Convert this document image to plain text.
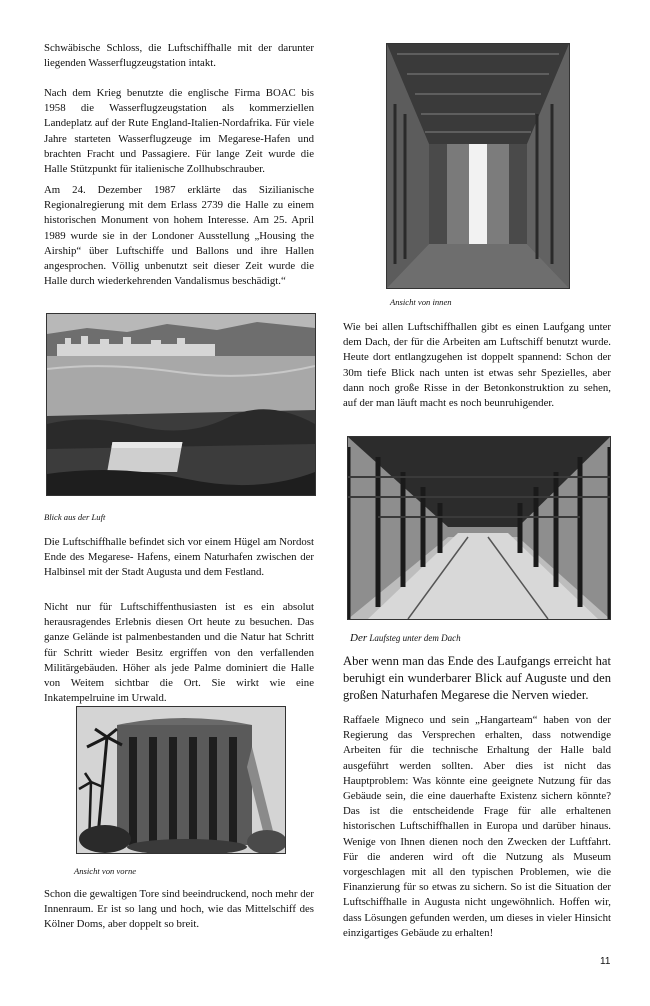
Schwäbische Schloss, die Luftschiffhalle mit der darunter liegenden Wasserflugzeugstation intakt.

Nach dem Krieg benutzte die englische Firma BOAC bis 1958 die Wasserflugzeugstation als kommerziellen Landeplatz auf der Rute England-Italien-Nordafrika. Für viele Jahre starteten Wasserflugzeuge im Megarese-Hafen und brachten Fracht und Passagiere. Für lange Zeit wurde die Halle Stützpunkt für italienische Zollhubschrauber.

Am 24. Dezember 1987 erklärte das Sizilianische Regionalregierung mit dem Erlass 2739 die Halle zu einem historischen Monument von hohem Interesse. Am 25. April 1989 wurde sie in der Londoner Ausstellung „Housing the Airship“ über Luftschiffe und Ballons und ihre Hallen angesprochen. Völlig unbenutzt seit dieser Zeit wurde die Halle durch wiederkehrenden Vandalismus beschädigt.“

Blick aus der Luft

Die Luftschiffhalle befindet sich vor einem Hügel am Nordost Ende des Megarese- Hafens, einem Naturhafen zwischen der Halbinsel mit der Stadt Augusta und dem Festland.

Nicht nur für Luftschiffenthusiasten ist es ein absolut herausragendes Erlebnis diesen Ort heute zu besuchen. Das ganze Gelände ist palmenbestanden und die Natur hat Schritt für Schritt wieder Besitz ergriffen von den verfallenden Militärgebäuden. Höher als jede Palme dominiert die Halle von Weitem sichtbar die Ort. Sie wirkt wie eine Inkatempelruine im Urwald.

Ansicht von vorne

Schon die gewaltigen Tore sind beeindruckend, noch mehr der Innenraum. Er ist so lang und hoch, wie das Mittelschiff des Kölner Doms, aber doppelt so breit.

Ansicht von innen

Wie bei allen Luftschiffhallen gibt es einen Laufgang unter dem Dach, der für die Arbeiten am Luftschiff benutzt wurde. Heute dort entlangzugehen ist doppelt spannend: Schon der 30m tiefe Blick nach unten ist etwas sehr Spezielles, aber dann noch große Risse in der Betonkonstruktion zu sehen, auf der man läuft macht es noch beunruhigender.

Der Laufsteg unter dem Dach

Aber wenn man das Ende des Laufgangs erreicht hat beruhigt ein wunderbarer Blick auf Auguste und den großen Naturhafen Megarese die Nerven wieder.

Raffaele Migneco und sein „Hangarteam“ haben von der Regierung das Versprechen erhalten, dass notwendige Arbeiten für die technische Erhaltung der Halle bald ausgeführt werden sollten. Aber dies ist nicht das Hauptproblem: Was könnte eine geeignete Nutzung für das Gebäude sein, die eine dauerhafte Existenz sichern könnte? Das ist die entscheidende Frage für alle erhaltenen historischen Luftschiffhallen in Europa und darüber hinaus. Wenige von Ihnen dienen noch den Zwecken der Luftfahrt. Für die anderen wird oft die Nutzung als Museum vorgeschlagen mit all den typischen Problemen, wie die Finanzierung für so etwas zu sichern. So ist die Situation der Luftschiffhalle in Augusta nicht ungewöhnlich. Hoffen wir, dass Lösungen gefunden werden, um dieses in vieler Hinsicht einzigartiges Gebäude zu erhalten!

11
